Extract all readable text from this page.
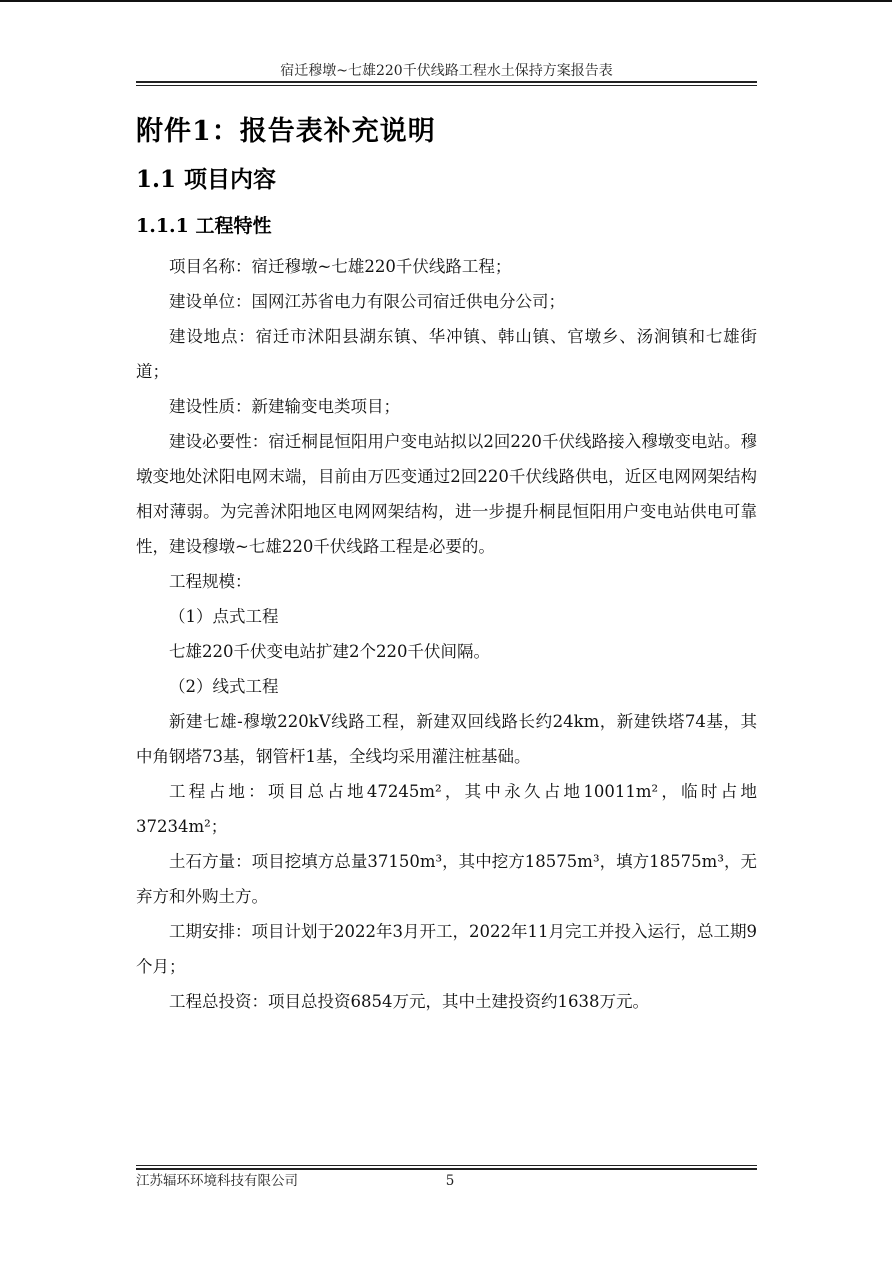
宿迁穆墩~七雄220千伏线路工程水土保持方案报告表
附件1：报告表补充说明
1.1 项目内容
1.1.1 工程特性

项目名称：宿迁穆墩~七雄220千伏线路工程；

建设单位：国网江苏省电力有限公司宿迁供电分公司；

建设地点：宿迁市沭阳县湖东镇、华冲镇、韩山镇、官墩乡、汤涧镇和七雄街道；

建设性质：新建输变电类项目；

建设必要性：宿迁桐昆恒阳用户变电站拟以2回220千伏线路接入穆墩变电站。穆墩变地处沭阳电网末端，目前由万匹变通过2回220千伏线路供电，近区电网网架结构相对薄弱。为完善沭阳地区电网网架结构，进一步提升桐昆恒阳用户变电站供电可靠性，建设穆墩~七雄220千伏线路工程是必要的。

工程规模：

（1）点式工程

七雄220千伏变电站扩建2个220千伏间隔。

（2）线式工程

新建七雄-穆墩220kV线路工程，新建双回线路长约24km，新建铁塔74基，其中角钢塔73基，钢管杆1基，全线均采用灌注桩基础。

工程占地：项目总占地47245m²，其中永久占地10011m²，临时占地37234m²；

土石方量：项目挖填方总量37150m³，其中挖方18575m³，填方18575m³，无弃方和外购土方。

工期安排：项目计划于2022年3月开工，2022年11月完工并投入运行，总工期9个月；

工程总投资：项目总投资6854万元，其中土建投资约1638万元。

江苏辐环环境科技有限公司	5
